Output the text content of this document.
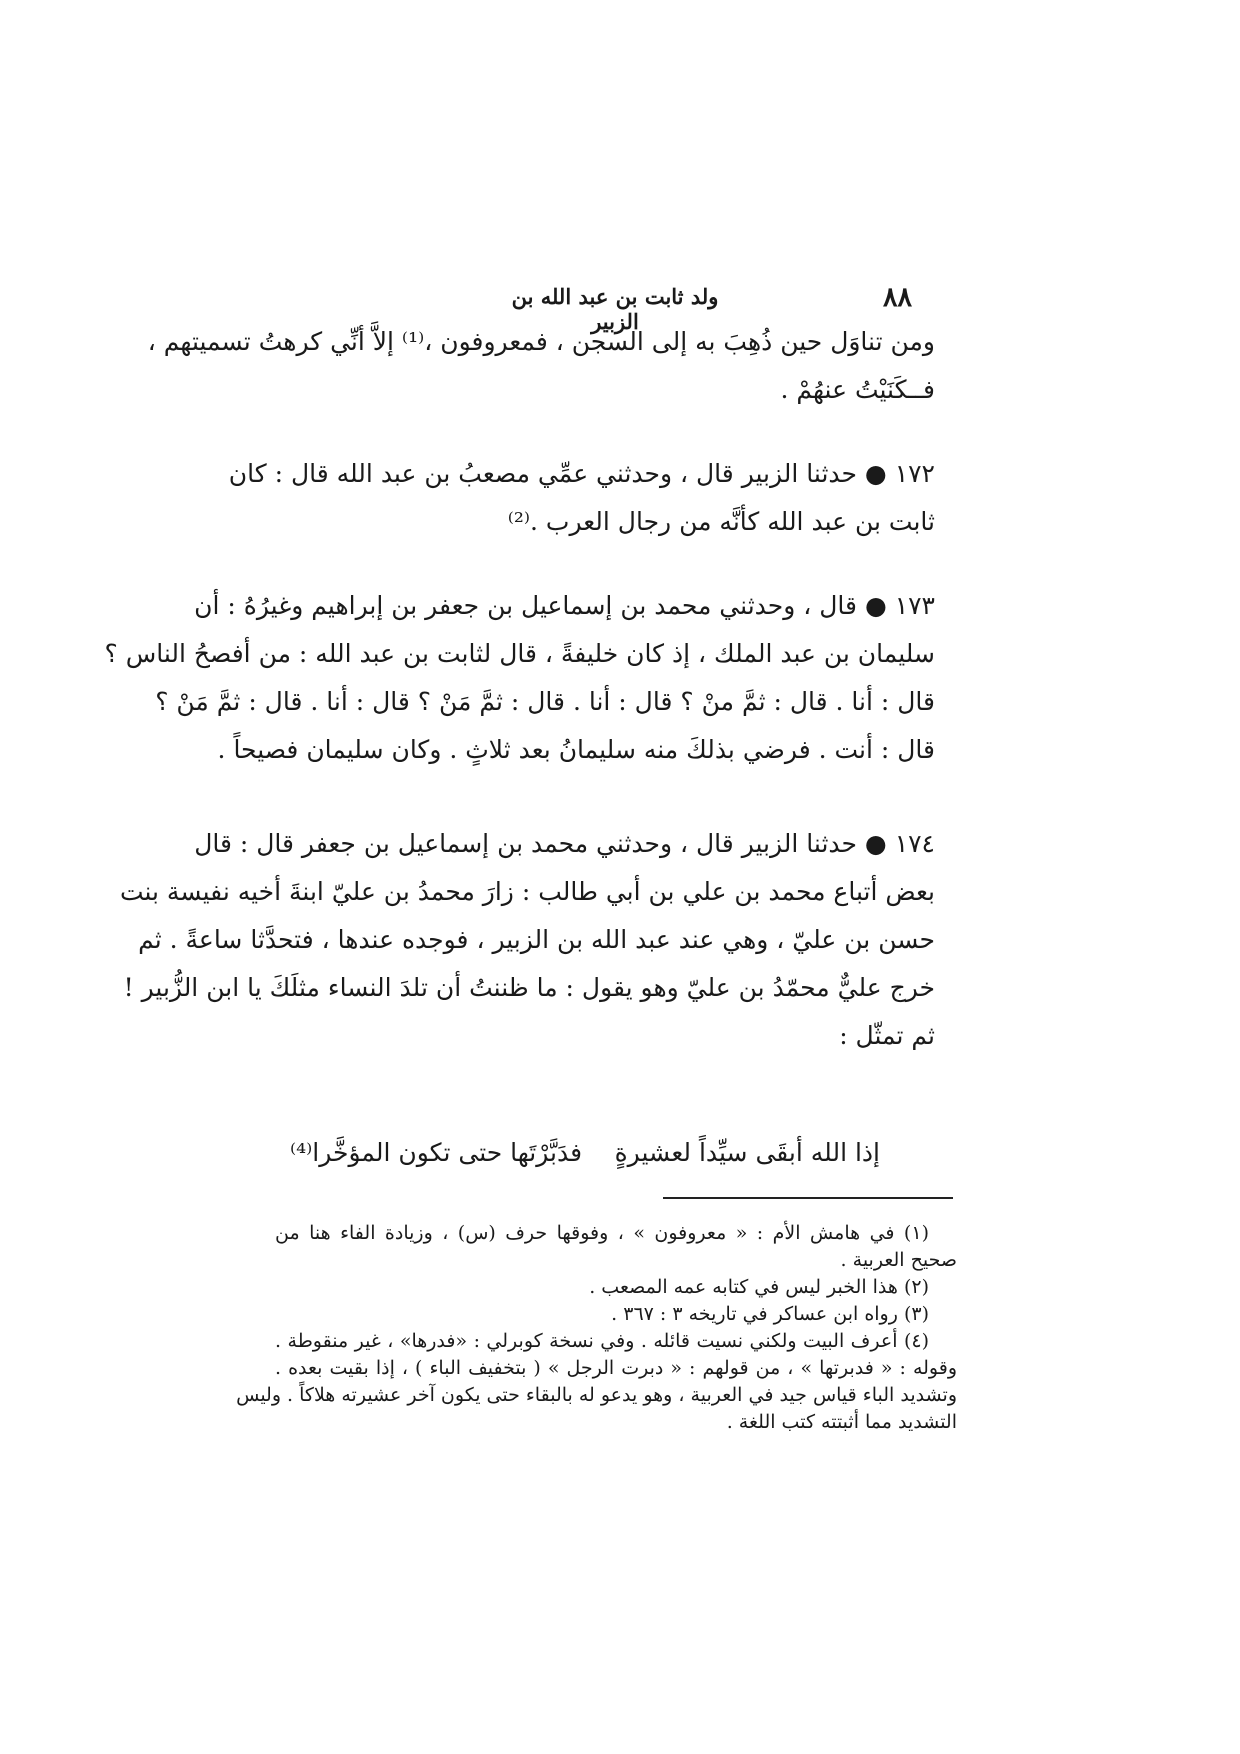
٨٨
ولد ثابت بن عبد الله بن الزبير
ومن تناوَل حين ذُهِبَ به إلى السجن ، فمعروفون ،⁽¹⁾ إلاَّ أنِّي كرهتُ تسميتهم ،
فــكَنَيْتُ عنهُمْ .
١٧٢ ● حدثنا الزبير قال ، وحدثني عمِّي مصعبُ بن عبد الله قال : كان
ثابت بن عبد الله كأنَّه من رجال العرب .⁽²⁾
١٧٣ ● قال ، وحدثني محمد بن إسماعيل بن جعفر بن إبراهيم وغيرُهُ : أن
سليمان بن عبد الملك ، إذ كان خليفةً ، قال لثابت بن عبد الله : من أفصحُ الناس ؟
قال : أنا . قال : ثمَّ منْ ؟ قال : أنا . قال : ثمَّ مَنْ ؟ قال : أنا . قال : ثمَّ مَنْ ؟
قال : أنت . فرضي بذلكَ منه سليمانُ بعد ثلاثٍ . وكان سليمان فصيحاً .
١٧٤ ● حدثنا الزبير قال ، وحدثني محمد بن إسماعيل بن جعفر قال : قال
بعض أتباع محمد بن علي بن أبي طالب : زارَ محمدُ بن عليّ ابنةَ أخيه نفيسة بنت
حسن بن عليّ ، وهي عند عبد الله بن الزبير ، فوجده عندها ، فتحدَّثا ساعةً . ثم
خرج عليٌّ محمّدُ بن عليّ وهو يقول : ما ظننتُ أن تلدَ النساء مثلَكَ يا ابن الزُّبير !
ثم تمثّل :
إذا الله أبقَى سيِّداً لعشيرةٍ
فدَبَّرْتَها حتى تكون المؤخَّرا⁽⁴⁾
(١) في هامش الأم : « معروفون » ، وفوقها حرف (س) ، وزيادة الفاء هنا من
صحيح العربية .
(٢) هذا الخبر ليس في كتابه عمه المصعب .
(٣) رواه ابن عساكر في تاريخه ٣ : ٣٦٧ .
(٤) أعرف البيت ولكني نسيت قائله . وفي نسخة كوبرلي : «فدرها» ، غير منقوطة .
وقوله : « فدبرتها » ، من قولهم : « دبرت الرجل » ( بتخفيف الباء ) ، إذا بقيت بعده .
وتشديد الباء قياس جيد في العربية ، وهو يدعو له بالبقاء حتى يكون آخر عشيرته هلاكاً . وليس
التشديد مما أثبتته كتب اللغة .
